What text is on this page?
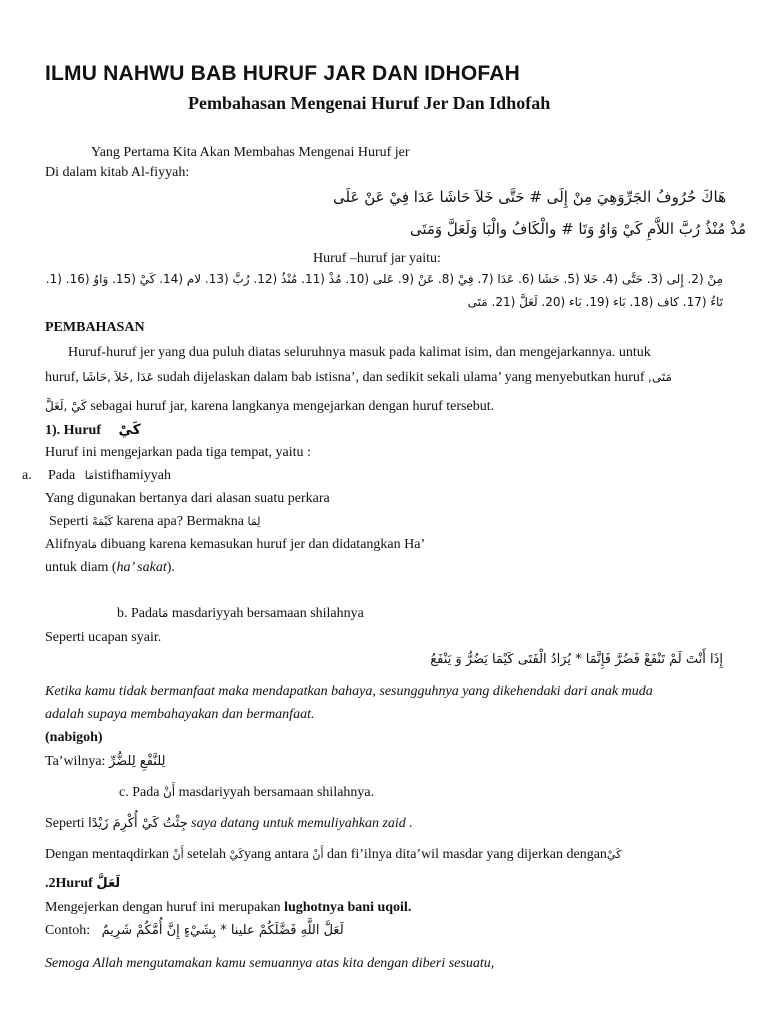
ILMU NAHWU BAB HURUF JAR DAN IDHOFAH
Pembahasan Mengenai Huruf Jer Dan Idhofah
Yang Pertama Kita Akan Membahas Mengenai Huruf jer
Di dalam kitab Al-fiyyah:
هَاكَ حُرُوفُ الجَرِّوَهِيَ مِنْ إِلَى # حَتَّى خَلاَ حَاشَا عَدَا فِيْ عَنْ عَلَى
مُذْ مُنْذُ رُبَّ اللاَّمِ كَيْ وَاوُ وَتَا # والْكَافُ والْبَا وَلَعَلَّ وَمَتَى
Huruf –huruf jar yaitu:
مِنْ (2. إِلى (3. حَتَّى (4. خَلا (5. حَشَا (6. عَدَا (7. فِيْ (8. عَنْ (9. عَلى (10. مُذْ (11. مُنْذُ (12. رُبَّ (13. لام (14. كَيْ (15. وَاوُ (16. (1.
تَاءُ (17. كاف (18. بَاء (19. بَاء (20. لَعَلَّ (21. مَتَى
PEMBAHASAN
Huruf-huruf jer yang dua puluh diatas seluruhnya masuk pada kalimat isim, dan mengejarkannya. untuk
huruf, عَدَا ,خَلاَ ,حَاشَا sudah dijelaskan dalam bab istisna’, dan sedikit sekali ulama’ yang menyebutkan huruf مَتَى,
كَيْ ,لَعَلَّ sebagai huruf jar, karena langkanya mengejarkan dengan huruf tersebut.
1). Huruf كَيْ
Huruf ini mengejarkan pada tiga tempat, yaitu :
a. Pada مَاistifhamiyyah
Yang digunakan bertanya dari alasan suatu perkara
Seperti كَيْمَهْ karena apa? Bermakna لِمَا
Alifnyaمَا dibuang karena kemasukan huruf jer dan didatangkan Ha’
untuk diam (ha’ sakat).
b. Padaمَا masdariyyah bersamaan shilahnya
Seperti ucapan syair.
إِذَا أَنْتَ لَمْ تَنْفَعْ فَضُرَّ فَإِنَّمَا * يُرَادُ الْفَتَى كَيْمَا يَضُرُّ وَ يَنْفَعُ
Ketika kamu tidak bermanfaat maka mendapatkan bahaya, sesungguhnya yang dikehendaki dari anak muda
adalah supaya membahayakan dan bermanfaat.
(nabigoh)
Ta’wilnya: لِلنَّفْعِ لِلضُّرِّ
c. Pada أَنْ masdariyyah bersamaan shilahnya.
Seperti جِئْتُ كَيْ أُكْرِمَ زَيْدًا saya datang untuk memuliyahkan zaid .
Dengan mentaqdirkan أَنْ setelah كَيْyang antara أَنْ dan fi’ilnya dita’wil masdar yang dijerkan denganكَيْ
.2Huruf لَعَلَّ
Mengejerkan dengan huruf ini merupakan lughotnya bani uqoil.
Contoh: لَعَلَّ اللَّهِ فَضَّلَكُمْ علينا * بِشَيْءٍ إِنَّ أُمَّكُمْ شَرِيمٌ
Semoga Allah mengutamakan kamu semuannya atas kita dengan diberi sesuatu,
